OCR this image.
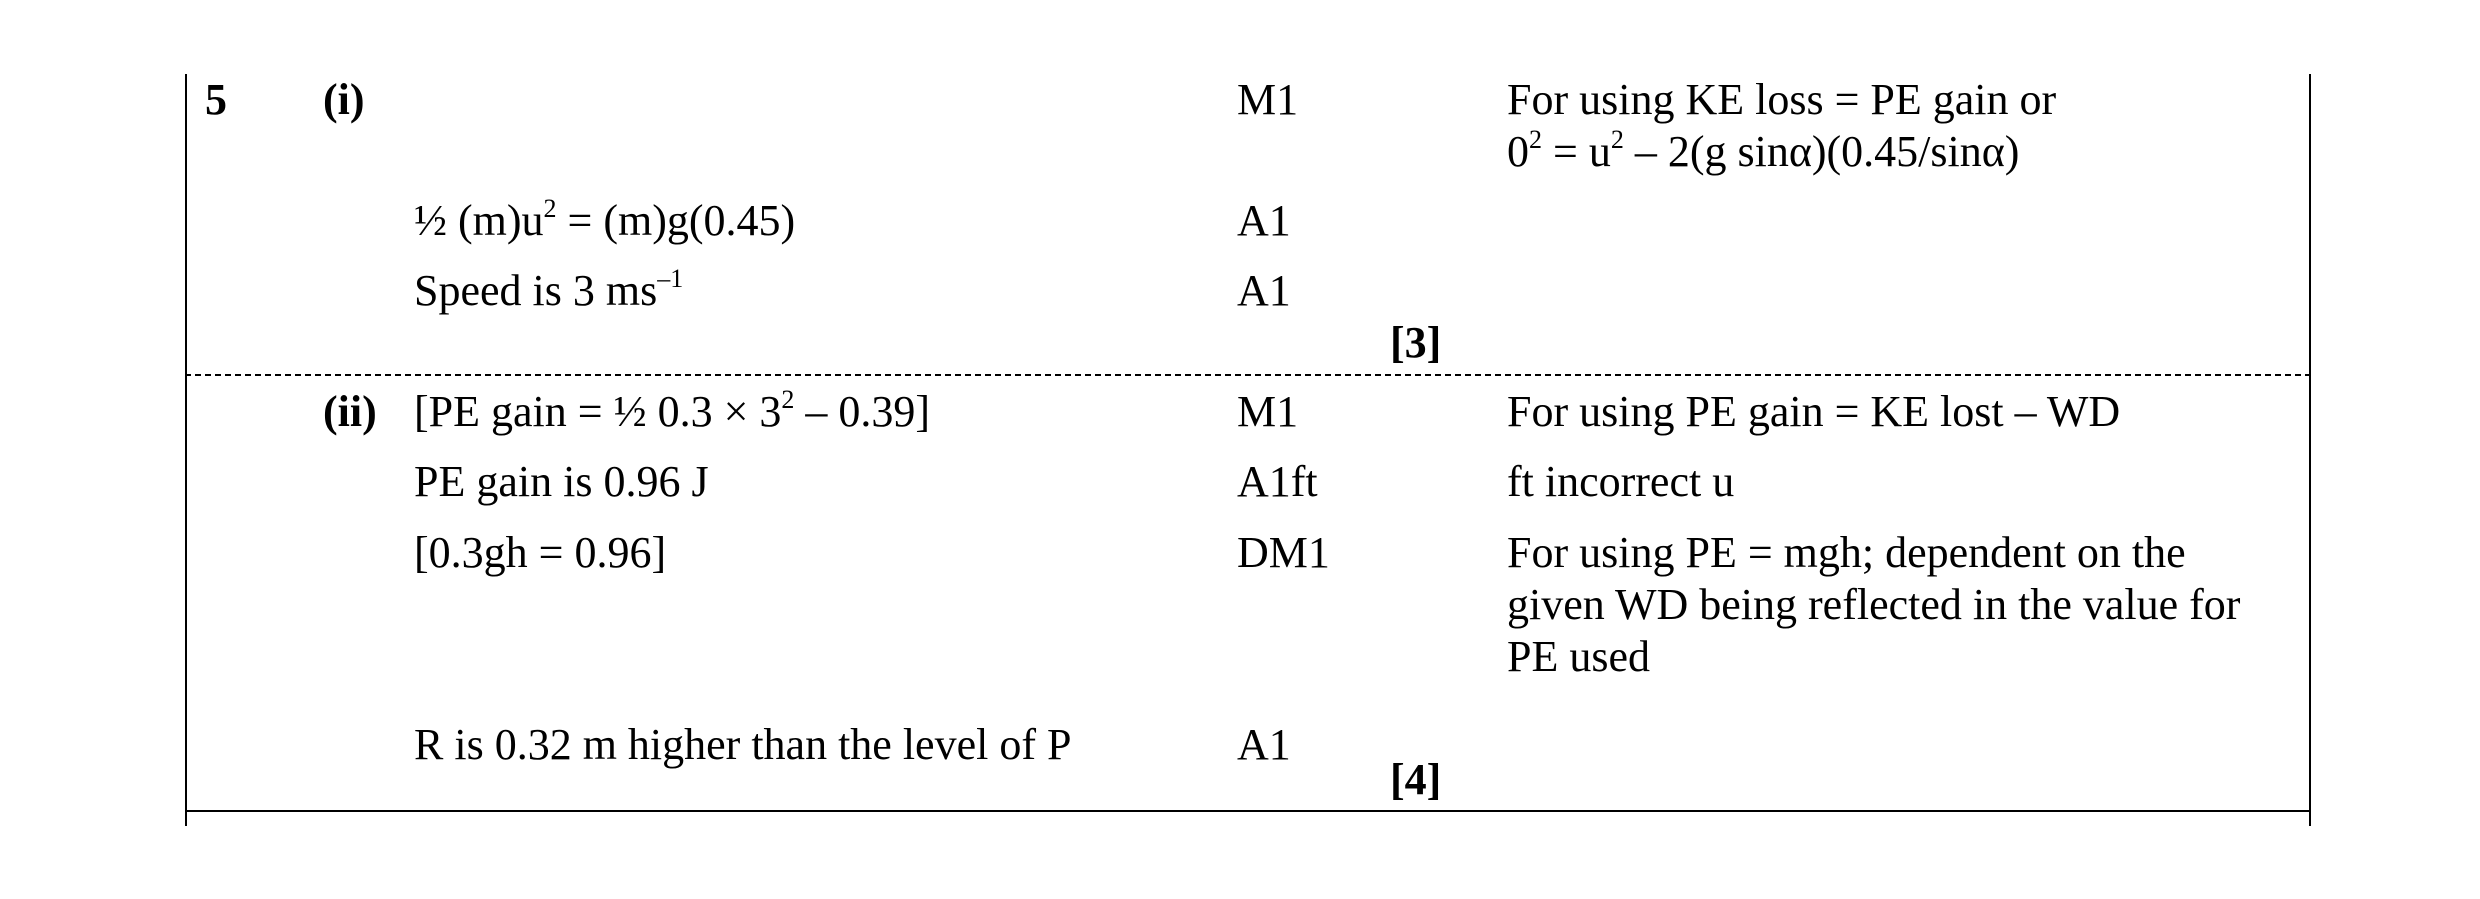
5 (i)	M1	For using KE loss = PE gain or
$0^2 = u^2 - 2(g$ sinα)(0.45/sinα)
½ $(m)u^2 = (m)g(0.45)$	A1
Speed is 3 $ms^{-1}$	A1
[3]
(ii) [PE gain = ½ $0.3 \times 3^2 - 0.39$]	M1	For using PE gain = KE lost – WD
PE gain is 0.96 J	A1ft	ft incorrect u
[0.3gh = 0.96]	DM1	For using PE = mgh; dependent on the
given WD being reflected in the value for
PE used
R is 0.32 m higher than the level of P	A1
[4]
